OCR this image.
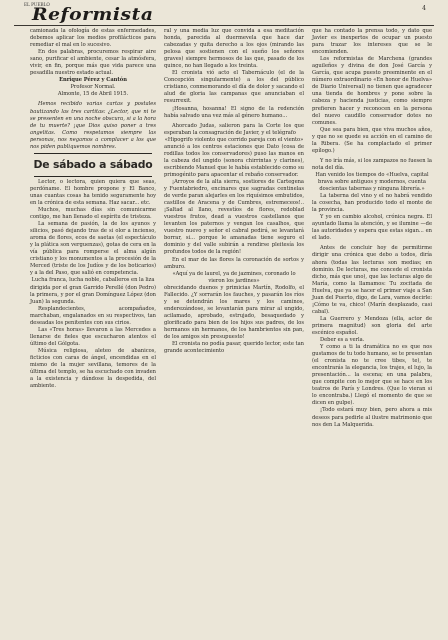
EL PUEBLO
Reformista	4

camionada la ofología de estas enfermedades, debemos aplicar los medios profilácticos para remediar el mal en lo sucesivo.

En dos palabras, procuremos respirar aire sano, purificar el ambiente, cesar la atmósfera, vivir, en fin, porque más que vida parece una pesadilla nuestro estado actual.

Enrique Pérez y Cantón

Profesor Normal.

Almonte, 15 de Abril 1915.

Hemos recibido varias cartas y postales bautizando las tres cartitas: ¿Lector, que ni te se presenten en una noche obscura, si a la hora de tu muerte? ¡que Dios quiso poner a tres angelitas. Como respetamos siempre las personas, nos negamos a complacer a los que nos piden publiquemos nombres.

De sábado a sábado

Lector, o lectora, quien quiera que seas, perdóname. El hombre propone y El Banco, unas cuantas cosas ha tenido seguramente hoy en la crónica de esta semana. Haz sacar... etc.

Muchos, muchas días sin comunicarme contigo, me han llenado el espíritu de tristeza.

La semana de pasión, la de los ayunos y silicios, pasó dejando tras de si olor a incienso, aroma de flores, ecos de saetas (el espectáculo y la plática son verguenzas), gotas de cera en la vía pública para romperse el alma algún cristiano y los monumentos a la procesión de la Merced (triste de los Judíos y de los boticarios) y a la del Paso, que salió en competencia.

Lucha franca, lucha noble, caballeros en la liza

dirigida por el gran Garrido Perellé (don Pedro) la primera, y por el gran Domínguez López (don Juan) la segunda.

Resplandecientes, acompañados, marchaban, engalanados en su respectivos, tan deseadas los penitentes con sus cirios.

Las «Tres horas» llevaron a las Mercedes a llenarse de fieles que escucharon atentos el último del Gólgota.

Música religiosa, aleteo de abanicos, ficticios con caras de ángel, encendidas en el mismo de la mujer sevillana, temores de la última del templo, se ha escuchado con invaden a la existencia y dándose la despedida, del ambiente.

ral y una media luz que convida a esa meditación honda, parecida al duermevela que hace dar cabezadas y quita derecho a los ojos (mirando las pelosa que sostienen con el sueño los señores graves) siempre hermosos de las que, pasado de los quince, no han llegado a los treinta.

El cronista vió acto el Tabernáculo (el de la Concepción singularmente) a los del público cristiano, conmemorando el día de dolor y sacando el alud de gloria las campanas que anunciaban el resurrexit.

¡Hosanna, hosanna! El signo de la redención había salvado una vez más al género humano...

Ahorcado Judas, salieron para la Corte los que esperaban la consagración de Javier, y el telégrafo

«Hipogrifo violento que corrido pareja con el viento»

anunció a los centros estaciones que Dato (cosa de rodillas todos los conservadores) puso las manos en la cabeza del ungido (sonora chirrintas y clarines), escribiendo Manuel que le había establecido como su primogénito para apacentar el rebaño conservador.

¡Arroyos de la alta sierra, sostiores de Cartegena y Fuentabriedro, encinares que sagradas centinelas de verde paran alejarles en los riquísimos embutidos, castillos de Aracena y de Cumbres, estremeceos!.. ¡Saltad al llano, revestíos de flores, redoblad vuestros frutos, dead a vuestros castellanos que levanten los paternos y vengan los casalhos, que vuestro nuevo y señor el cabral pedirá, se levantará borrar, si... porque le amanadas tiene seguro el dominio y del valle subirán a rendirse pleitesía los profundos todos de la región!

En el mar de las flores la coronación de sortos y amburo.

«Aquí ya de laurel, ya de jazmines, coronado lo vieron los jardines»

obrecidando duenos y primicias Martín, Rodolfo, el Fallecido. ¿Y sorrarán los fauches, y pasarán los ríos y se detendrán los mares y los caminos, enderezándose, se levantarán para mirar al ungido, acilamado, aprobado, estrujado, besaquedado y glorificado para bien de los hijos sus padres, de los hermanos sin hermanos, de los hambrientos sin pan, de los amigos sin presupuesto!

El cronista no podía pasar, querido lector, este tan grande acontecimiento

que ha contado la prensa todo, y dato que Javier es inexpertos de ocupar un puesto para trazar los intereses que se le encomienden.

Los reformistas de Marchena (grandes aguileños y divina de don José García y García, que acupa puesto preeminente en el número extraordinario «En honor de Huelva» de Diario Universal) no tienen que agradecer una tienda de hombres y pone sobre la cabeza y hacienda justicias, como siempre prefieren hacer y reconocen en la persona del nuevo caudillo conservador dotes no comunes.

Que sea para bien, que viva muchos años, y que no se quede su acción en el camino de la Ribera. (Se ha complactado el primer epílogo.)

Y no iría más, si los zampazos no fuesen la nota del día.

Han venido los tiempos do «Huelva, capital brava sobre antiguos y modernos, cuenta doscientas tabernas y ninguna librería.»

La taberna del vino y el no habrá vendido la cosecha, han producido todo el monte de la provincia.

Y yo en cambio alcohol, crónica negra. El ayuntado llama la atención, y se ilumine —de las autoridades y espera que estas sigan... en el lado.

Antes de concluir hoy de permitirme dirigir una crónica que debo a todos, diría ahora (todas las lecturas son medias; en dominio. De lecturas, me concede el cronista dicho, más que uno), que las lecturas algo de María, como la llamamos: Tu zocitada de Huelva, que ya se hacer el primer viaje a San Juan del Puerto, digo, de Lara, vamos decirle: ¡Cómo te va, chico! (Marín desplazado, casi cabal).

La Guerrero y Mendoza (ella, actor de primera magnitud) son gloria del arte escénico español.

Deber es a verla.

Y como a ti la dramática no es que nos gustamos de tu todo humano, se te presentan (el cronista no te cree tibes, te), te encontrarás la elegancia, los trajes, el lujo, la presentación... la escena; en una palabra, que compite con lo mejor que se hace en los teatros de París y Londres. (Que lo vieran si lo encontraba.) Llegó el momento de que se dicen en gulpe).

¡Todo estará muy bien, pero ahora a mis deseos para pedirle al ilustre matrimonio que nos den La Malquerida.
